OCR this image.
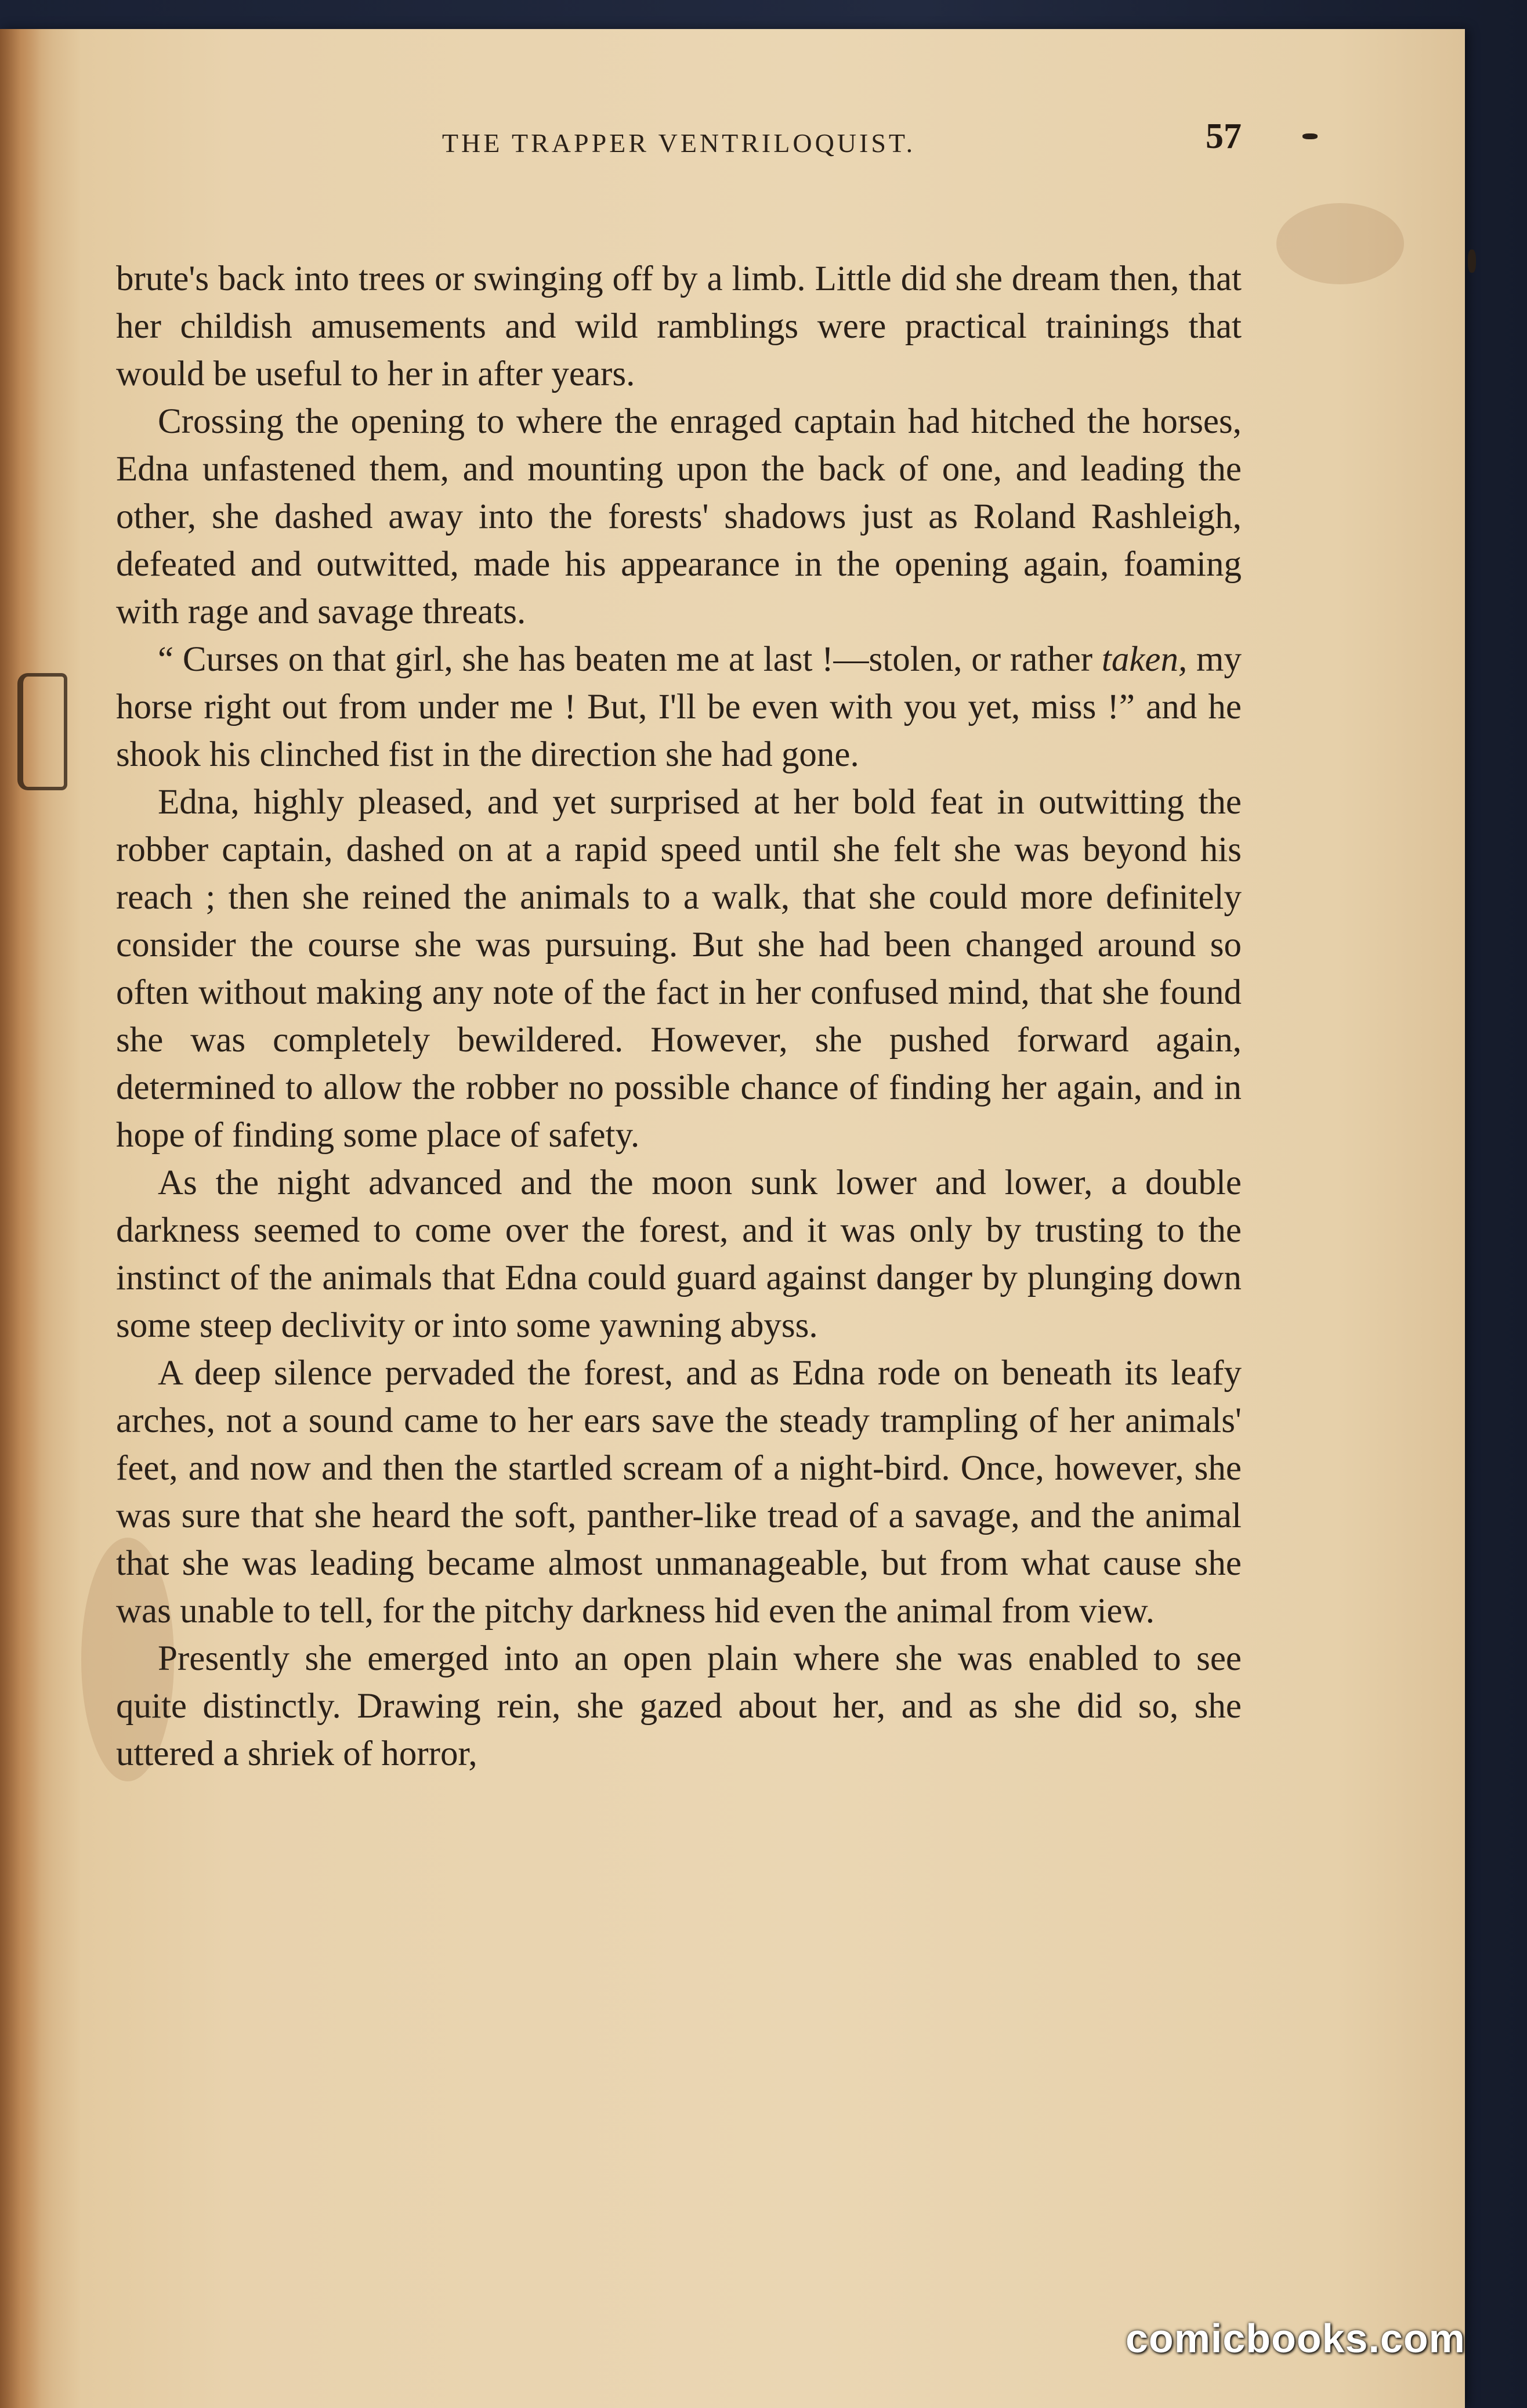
THE TRAPPER VENTRILOQUIST.	57

brute's back into trees or swinging off by a limb. Little did she dream then, that her childish amusements and wild ramblings were practical trainings that would be useful to her in after years.

Crossing the opening to where the enraged captain had hitched the horses, Edna unfastened them, and mounting upon the back of one, and leading the other, she dashed away into the forests' shadows just as Roland Rashleigh, defeated and outwitted, made his appearance in the opening again, foaming with rage and savage threats.

“ Curses on that girl, she has beaten me at last !—stolen, or rather taken, my horse right out from under me ! But, I'll be even with you yet, miss !” and he shook his clinched fist in the direction she had gone.

Edna, highly pleased, and yet surprised at her bold feat in outwitting the robber captain, dashed on at a rapid speed until she felt she was beyond his reach ; then she reined the animals to a walk, that she could more definitely consider the course she was pursuing. But she had been changed around so often without making any note of the fact in her confused mind, that she found she was completely bewildered. However, she pushed forward again, determined to allow the robber no possible chance of finding her again, and in hope of finding some place of safety.

As the night advanced and the moon sunk lower and lower, a double darkness seemed to come over the forest, and it was only by trusting to the instinct of the animals that Edna could guard against danger by plunging down some steep declivity or into some yawning abyss.

A deep silence pervaded the forest, and as Edna rode on beneath its leafy arches, not a sound came to her ears save the steady trampling of her animals' feet, and now and then the startled scream of a night-bird. Once, however, she was sure that she heard the soft, panther-like tread of a savage, and the animal that she was leading became almost unmanageable, but from what cause she was unable to tell, for the pitchy darkness hid even the animal from view.

Presently she emerged into an open plain where she was enabled to see quite distinctly. Drawing rein, she gazed about her, and as she did so, she uttered a shriek of horror,

comicbooks.com
